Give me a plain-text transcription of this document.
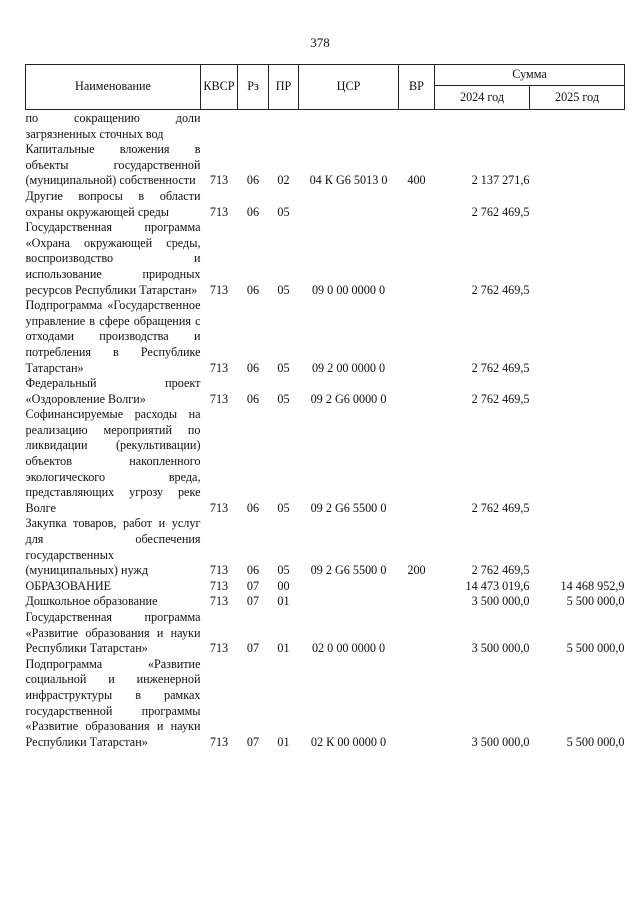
378
Наименование	КВСР	Рз	ПР	ЦСР	ВР	Сумма	
						2024 год	2025 год
по сокращению доли загрязненных сточных вод							
Капитальные вложения в объекты государственной (муниципальной) собственности	713	06	02	04 К G6 5013 0	400	2 137 271,6	
Другие вопросы в области охраны окружающей среды	713	06	05			2 762 469,5	
Государственная программа «Охрана окружающей среды, воспроизводство и использование природных ресурсов Республики Татарстан»	713	06	05	09 0 00 0000 0		2 762 469,5	
Подпрограмма «Государственное управление в сфере обращения с отходами производства и потребления в Республике Татарстан»	713	06	05	09 2 00 0000 0		2 762 469,5	
Федеральный проект «Оздоровление Волги»	713	06	05	09 2 G6 0000 0		2 762 469,5	
Софинансируемые расходы на реализацию мероприятий по ликвидации (рекультивации) объектов накопленного экологического вреда, представляющих угрозу реке Волге	713	06	05	09 2 G6 5500 0		2 762 469,5	
Закупка товаров, работ и услуг для обеспечения государственных (муниципальных) нужд	713	06	05	09 2 G6 5500 0	200	2 762 469,5	
ОБРАЗОВАНИЕ	713	07	00			14 473 019,6	14 468 952,9
Дошкольное образование	713	07	01			3 500 000,0	5 500 000,0
Государственная программа «Развитие образования и науки Республики Татарстан»	713	07	01	02 0 00 0000 0		3 500 000,0	5 500 000,0
Подпрограмма «Развитие социальной и инженерной инфраструктуры в рамках государственной программы «Развитие образования и науки Республики Татарстан»	713	07	01	02 К 00 0000 0		3 500 000,0	5 500 000,0
